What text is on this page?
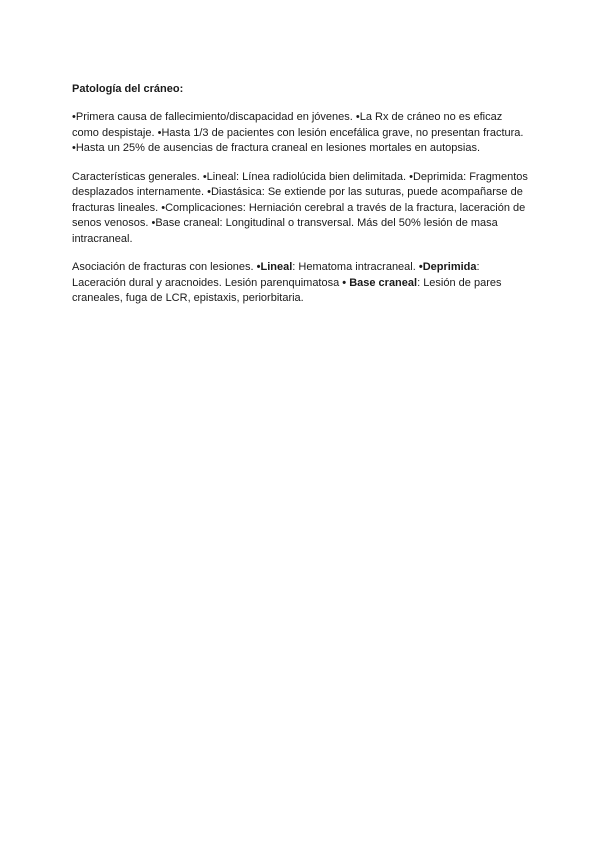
Patología del cráneo:
•Primera causa de fallecimiento/discapacidad en jóvenes. •La Rx de cráneo no es eficaz como despistaje. •Hasta 1/3 de pacientes con lesión encefálica grave, no presentan fractura. •Hasta un 25% de ausencias de fractura craneal en lesiones mortales en autopsias.
Características generales. •Lineal: Línea radiolúcida bien delimitada. •Deprimida: Fragmentos desplazados internamente. •Diastásica: Se extiende por las suturas, puede acompañarse de fracturas lineales. •Complicaciones: Herniación cerebral a través de la fractura, laceración de senos venosos. •Base craneal: Longitudinal o transversal. Más del 50% lesión de masa intracraneal.
Asociación de fracturas con lesiones. •Lineal: Hematoma intracraneal. •Deprimida: Laceración dural y aracnoides. Lesión parenquimatosa • Base craneal: Lesión de pares craneales, fuga de LCR, epistaxis, periorbitaria.
